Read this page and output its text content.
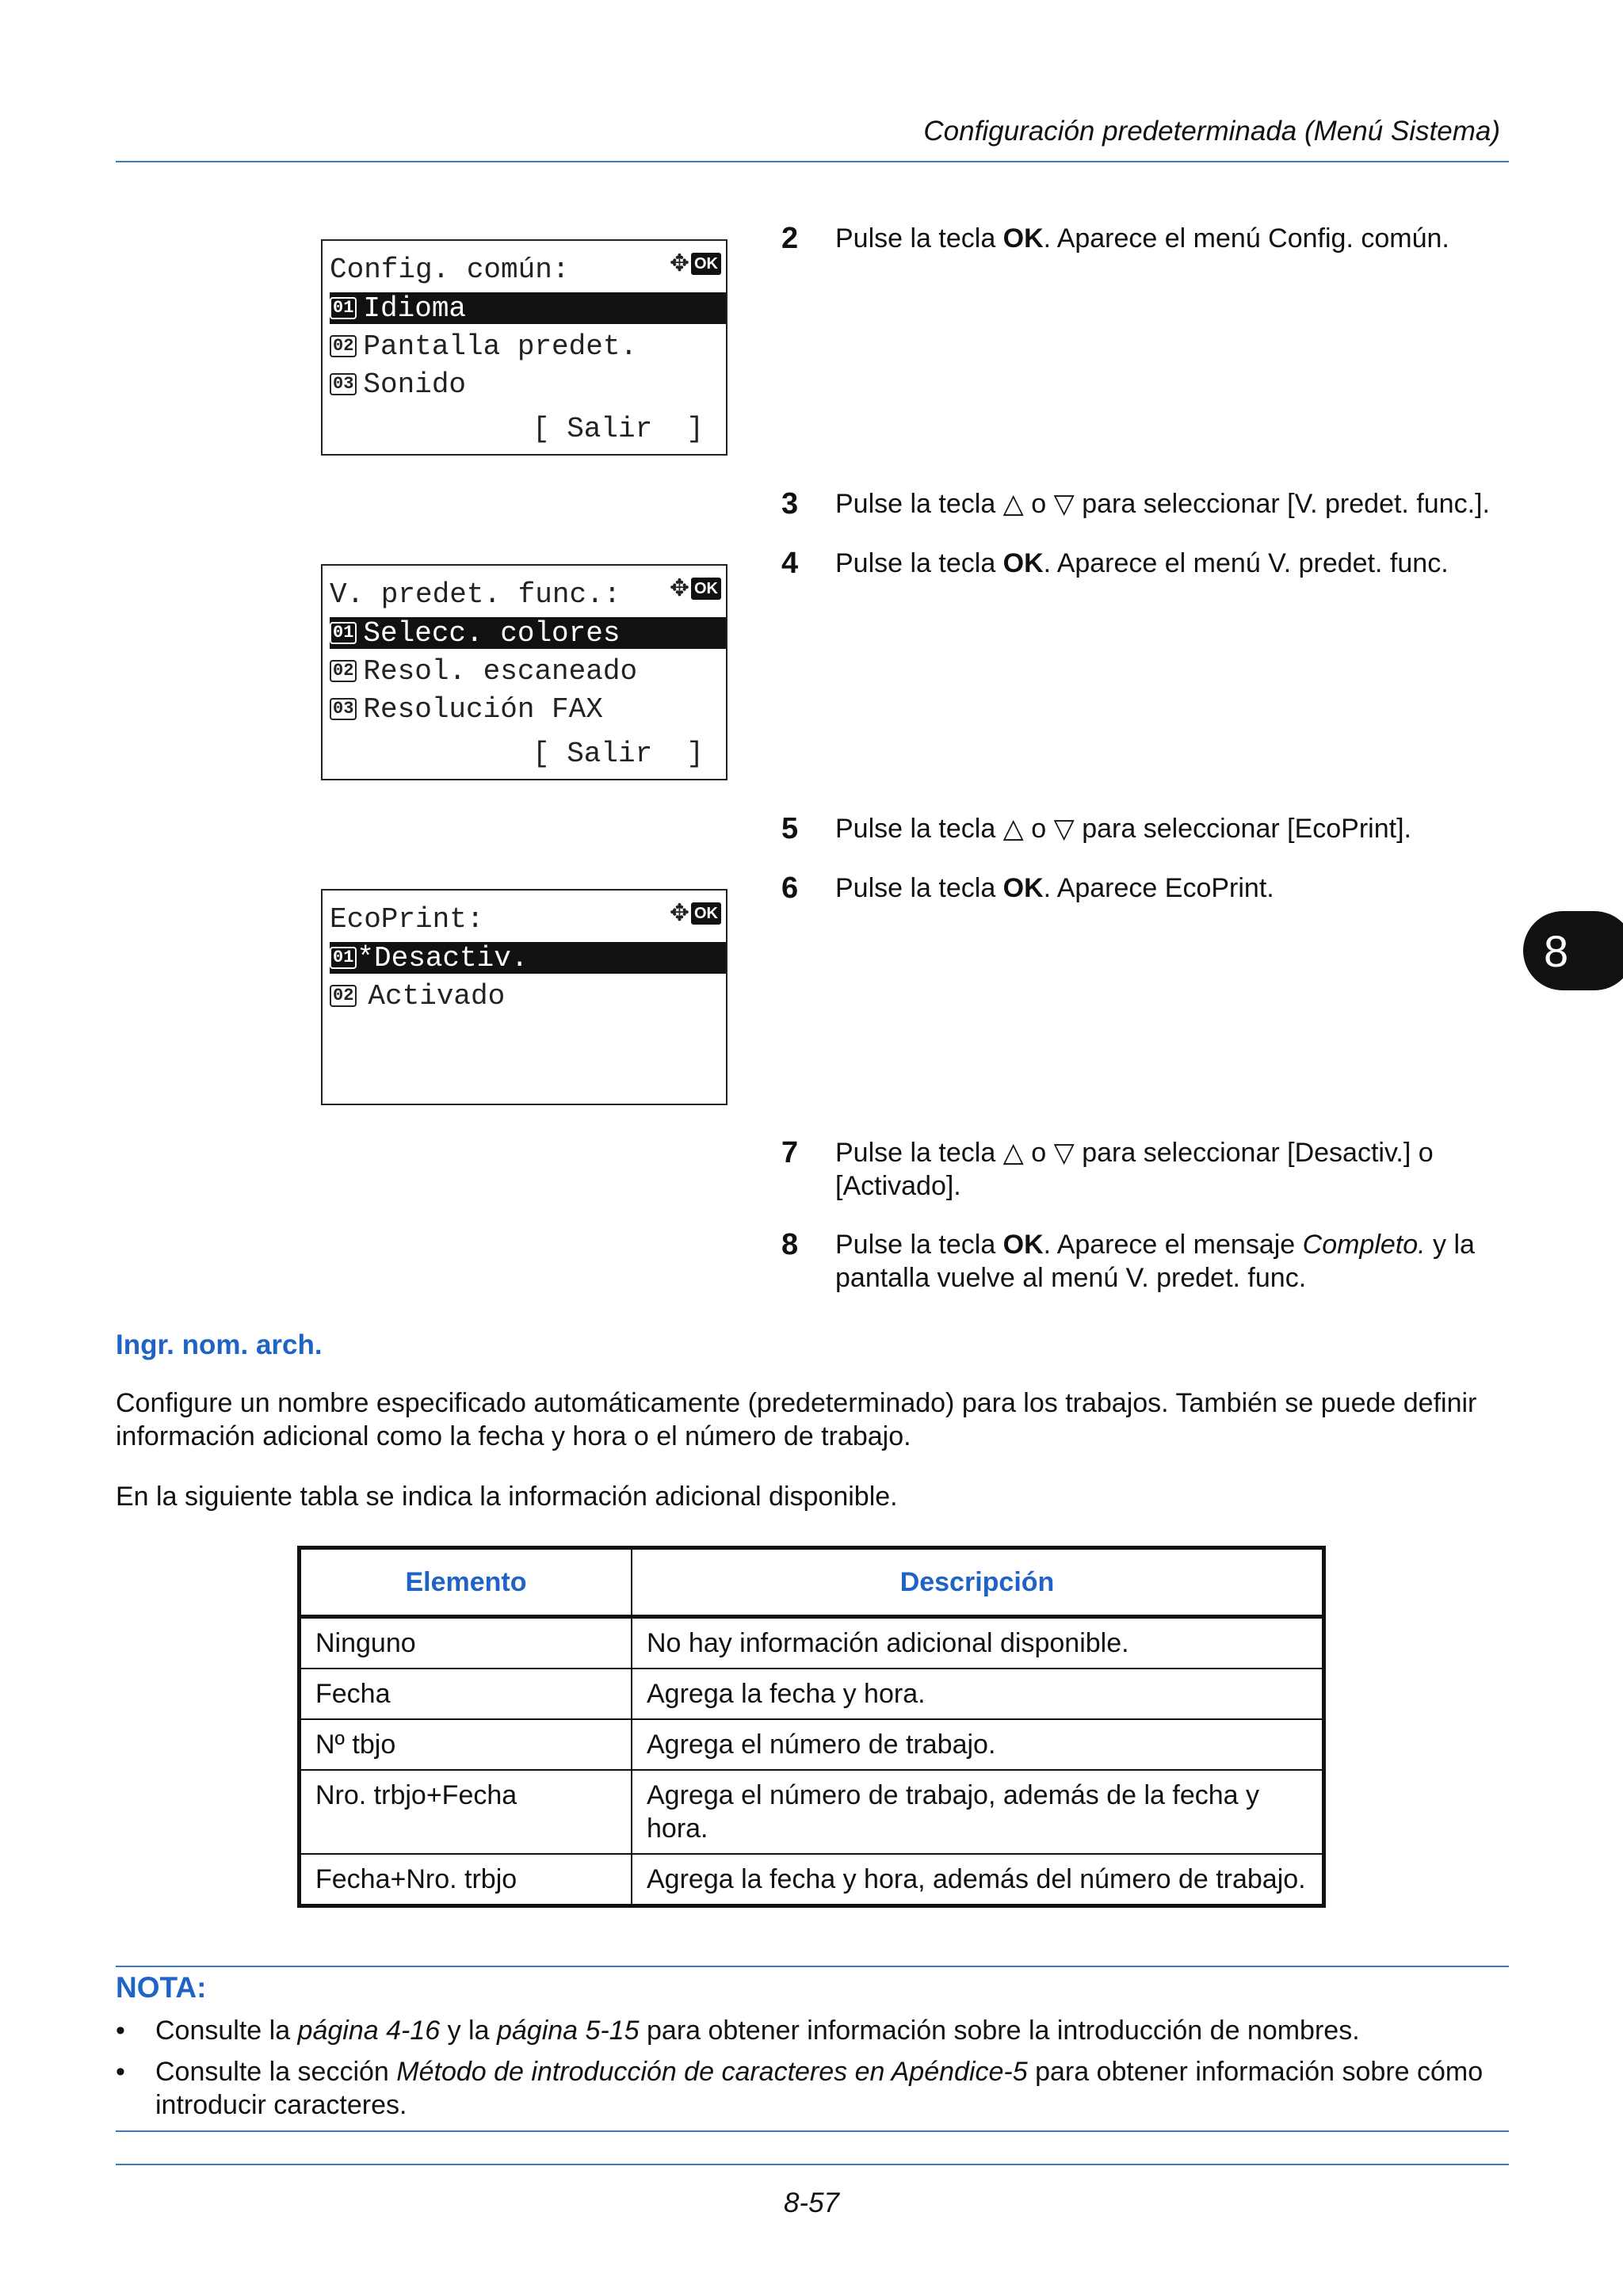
Configuración predeterminada (Menú Sistema)
Config. común:	✥ OK
01 Idioma
02 Pantalla predet.
03 Sonido
[ Salir  ]
V. predet. func.: ✥ OK
01 Selecc. colores
02 Resol. escaneado
03 Resolución FAX
[ Salir  ]
EcoPrint:	✥ OK
01 *Desactiv.
02 Activado
2 Pulse la tecla OK. Aparece el menú Config. común.
3 Pulse la tecla △ o ▽ para seleccionar [V. predet. func.].
4 Pulse la tecla OK. Aparece el menú V. predet. func.
5 Pulse la tecla △ o ▽ para seleccionar [EcoPrint].
6 Pulse la tecla OK. Aparece EcoPrint.
7 Pulse la tecla △ o ▽ para seleccionar [Desactiv.] o [Activado].
8 Pulse la tecla OK. Aparece el mensaje Completo. y la pantalla vuelve al menú V. predet. func.
8
Ingr. nom. arch.
Configure un nombre especificado automáticamente (predeterminado) para los trabajos. También se puede definir información adicional como la fecha y hora o el número de trabajo.
En la siguiente tabla se indica la información adicional disponible.
Elemento	Descripción
Ninguno	No hay información adicional disponible.
Fecha	Agrega la fecha y hora.
Nº tbjo	Agrega el número de trabajo.
Nro. trbjo+Fecha	Agrega el número de trabajo, además de la fecha y hora.
Fecha+Nro. trbjo	Agrega la fecha y hora, además del número de trabajo.
NOTA:
• Consulte la página 4-16 y la página 5-15 para obtener información sobre la introducción de nombres.
• Consulte la sección Método de introducción de caracteres en Apéndice-5 para obtener información sobre cómo introducir caracteres.
8-57
